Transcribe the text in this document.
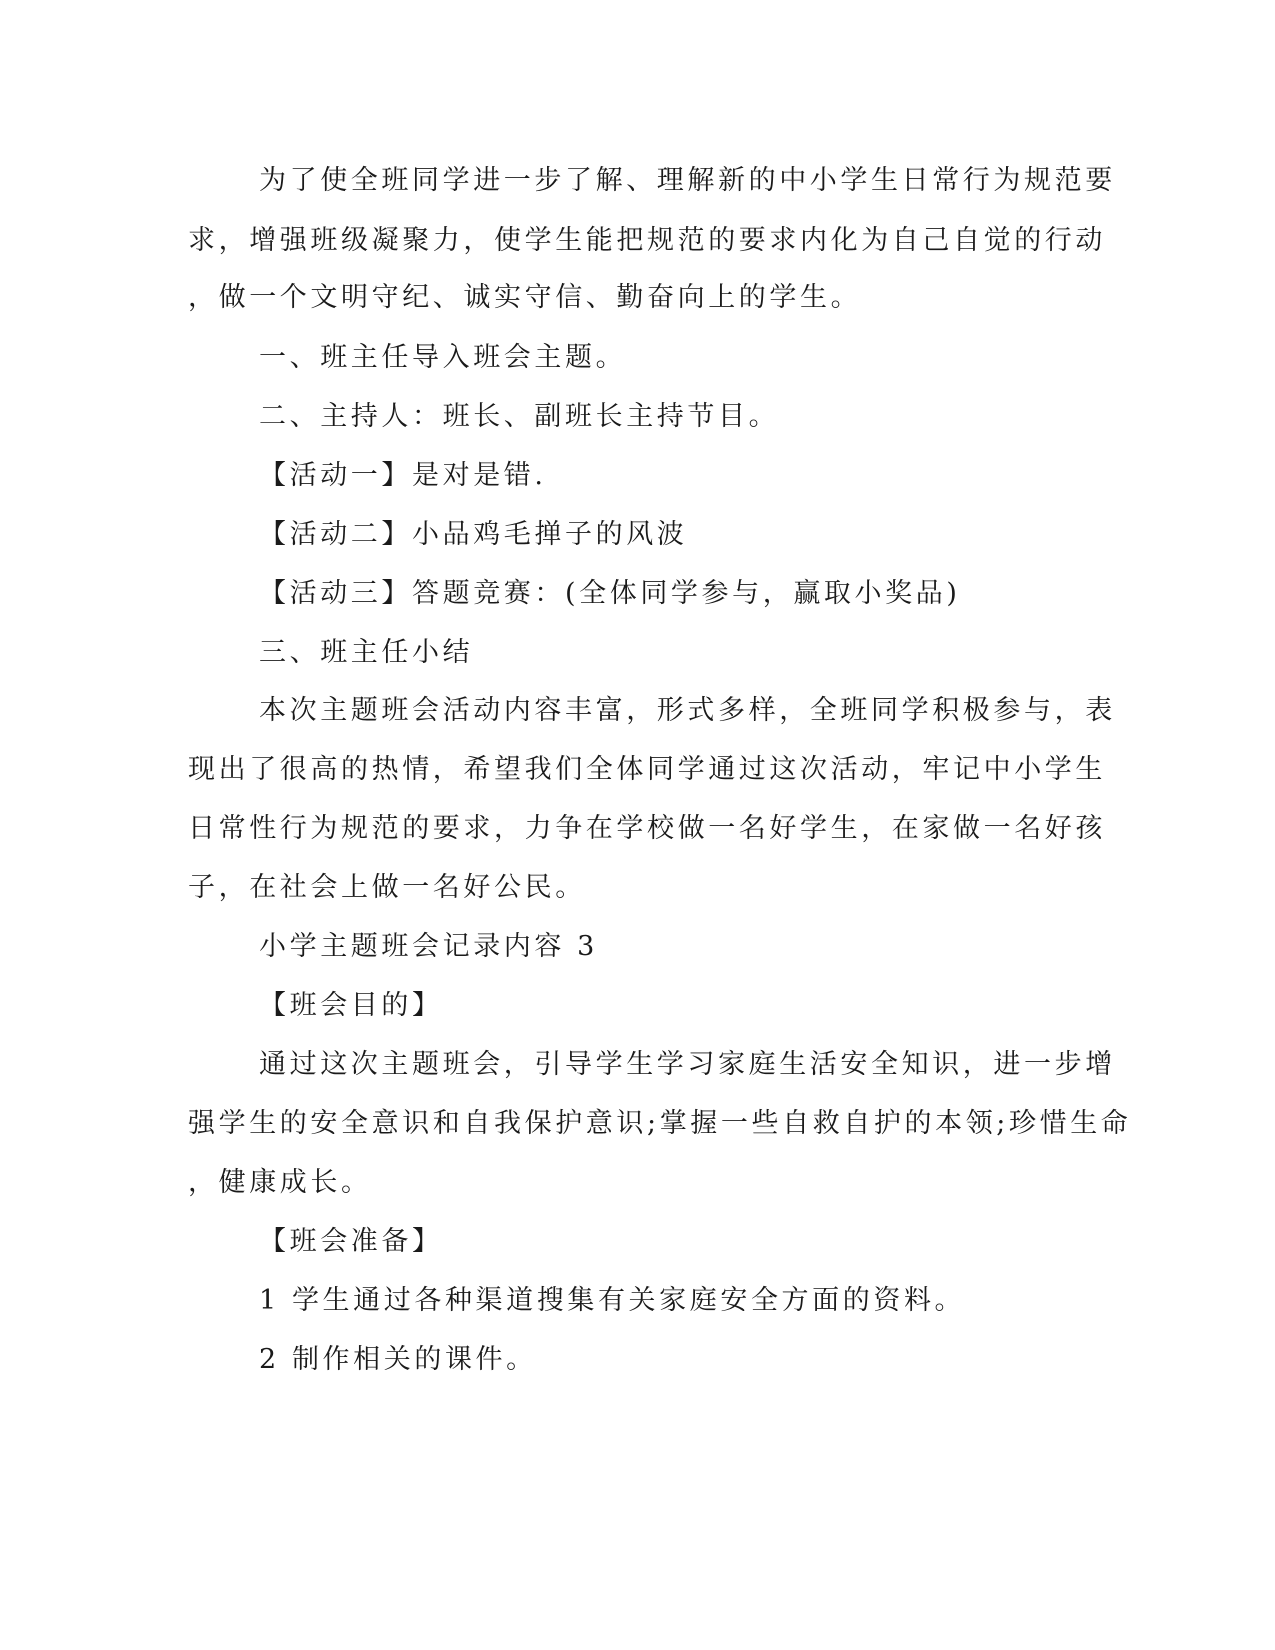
为了使全班同学进一步了解、理解新的中小学生日常行为规范要
求，增强班级凝聚力，使学生能把规范的要求内化为自己自觉的行动
，做一个文明守纪、诚实守信、勤奋向上的学生。
一、班主任导入班会主题。
二、主持人：班长、副班长主持节目。
【活动一】是对是错.
【活动二】小品鸡毛掸子的风波
【活动三】答题竞赛：(全体同学参与，赢取小奖品)
三、班主任小结
本次主题班会活动内容丰富，形式多样，全班同学积极参与，表
现出了很高的热情，希望我们全体同学通过这次活动，牢记中小学生
日常性行为规范的要求，力争在学校做一名好学生，在家做一名好孩
子，在社会上做一名好公民。
小学主题班会记录内容 3
【班会目的】
通过这次主题班会，引导学生学习家庭生活安全知识，进一步增
强学生的安全意识和自我保护意识;掌握一些自救自护的本领;珍惜生命
，健康成长。
【班会准备】
1 学生通过各种渠道搜集有关家庭安全方面的资料。
2 制作相关的课件。
